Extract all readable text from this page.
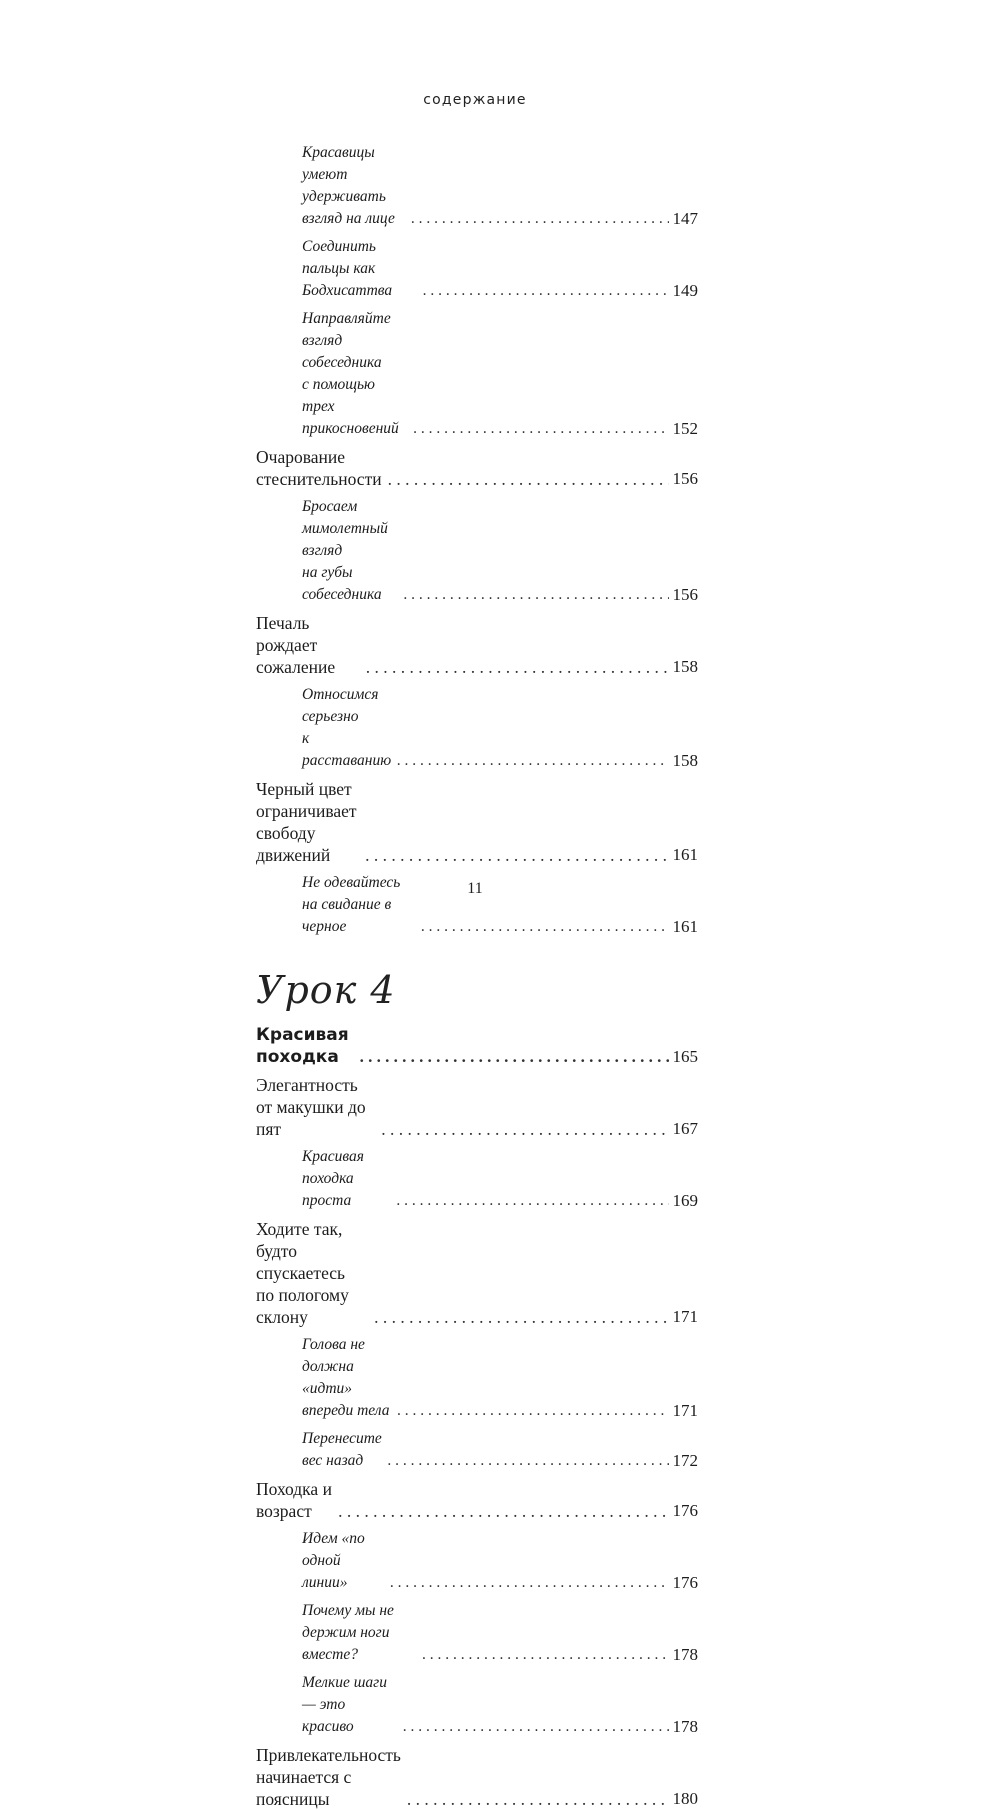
содержание
Красавицы умеют удерживать
взгляд на лице . . .	147
Соединить пальцы как Бодхисаттва . . .	149
Направляйте взгляд собеседника
с помощью трех прикосновений . . .	152
Очарование стеснительности . . .	156
Бросаем мимолетный взгляд
на губы собеседника . . .	156
Печаль рождает сожаление . . .	158
Относимся серьезно
к расставанию . . .	158
Черный цвет ограничивает
свободу движений . . .	161
Не одевайтесь на свидание в черное . . .	161
Урок 4
Красивая походка . . .	165
Элегантность от макушки до пят . . .	167
Красивая походка проста . . .	169
Ходите так, будто спускаетесь
по пологому склону . . .	171
Голова не должна «идти»
впереди тела . . .	171
Перенесите вес назад . . .	172
Походка и возраст . . .	176
Идем «по одной линии» . . .	176
Почему мы не держим ноги вместе? . . .	178
Мелкие шаги — это красиво . . .	178
Привлекательность начинается с поясницы . . .	180
11
